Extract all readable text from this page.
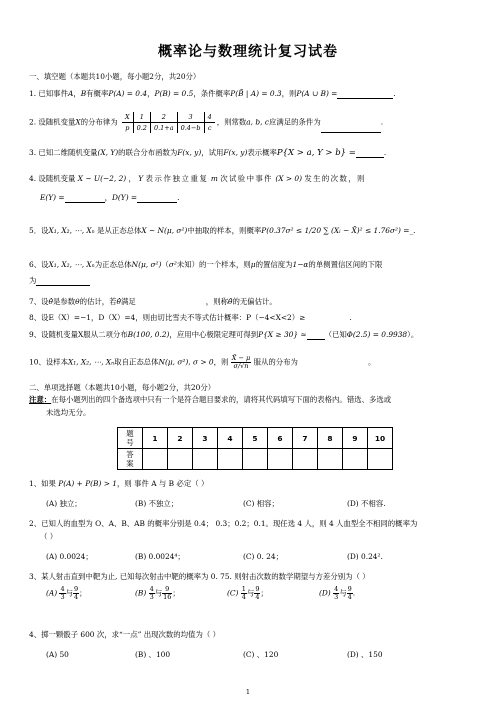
概率论与数理统计复习试卷
一、填空题（本题共10小题，每小题2分，共20分）
1. 已知事件A，B有概率P(A) = 0.4，P(B) = 0.5，条件概率P(B̄ | A) = 0.3，则P(A ∪ B) =	.
2. 设随机变量X的分布律为
X	1	2	3	4
p	0.2	0.1+a	0.4−b	c
，则常数a, b, c应满足的条件为	.
3. 已知二维随机变量(X, Y)的联合分布函数为F(x, y)，试用F(x, y)表示概率P{X > a, Y > b} =	.
4. 设随机变量 X ~ U(−2, 2) ， Y 表示作独立重复 m 次试验中事件 (X > 0) 发生的次数，则
E(Y) =	，D(Y) =	.
5．设X₁, X₂, ⋯, Xₙ 是从正态总体X ~ N(μ, σ²)中抽取的样本，则概率P(0.37σ² ≤ 1/20 ∑ (Xᵢ − X̄)² ≤ 1.76σ²) =_.
6、设X₁, X₂, ⋯, Xₙ为正态总体N(μ, σ²)（σ²未知）的一个样本，则μ的置信度为1−α的单侧置信区间的下限
为
7、设θ̂是参数θ的估计，若θ̂满足	，则称θ̂的无偏估计。
8、设E（X）=−1，D（X）=4，则由切比雪夫不等式估计概率：P（−4<X<2）≥	.
9、设随机变量X服从二项分布B(100, 0.2)，应用中心极限定理可得到P{X ≥ 30} ≈ （已知Φ(2.5) = 0.9938）。
10、设样本X₁, X₂, ⋯, Xₙ取自正态总体N(μ, σ²), σ > 0，则 $\frac{X̄ - \mu}{\sigma/√n}$ 服从的分布为	。
二、单项选择题（本题共10小题，每小题2分，共20分）
注意：在每小题列出的四个备选项中只有一个是符合题目要求的，请将其代码填写下面的表格内。错选、多选或
未选均无分。
题
号	1	2	3	4	5	6	7	8	9	10
答
案										
1、如果 P(A) + P(B) > 1，则 事件 A 与 B 必定（ ）
(A) 独立；	(B) 不独立；	(C) 相容；	(D) 不相容.
2、已知人的血型为 O、A、B、AB 的概率分别是 0.4； 0.3；0.2；0.1。现任选 4 人，则 4 人血型全不相同的概率为
（ ）
(A) 0.0024；	(B) 0.0024⁴；	(C) 0. 24；	(D) 0.24².
3、某人射击直到中靶为止, 已知每次射击中靶的概率为 0. 75. 则射击次数的数学期望与方差分别为（ ）
$(A) \frac{4}{3}$ 与 $\frac{9}{4}$ ；	$(B) \frac{4}{3}$ 与 $\frac{9}{16}$ ；	$(C) \frac{1}{4}$ 与 $\frac{9}{4}$ ；	$(D) \frac{4}{3}$ 与 $\frac{9}{4}$ .
4、掷一颗骰子 600 次，求“一点” 出现次数的均值为（ ）
(A) 50	(B) 、100	(C) 、120	(D) 、150
1
